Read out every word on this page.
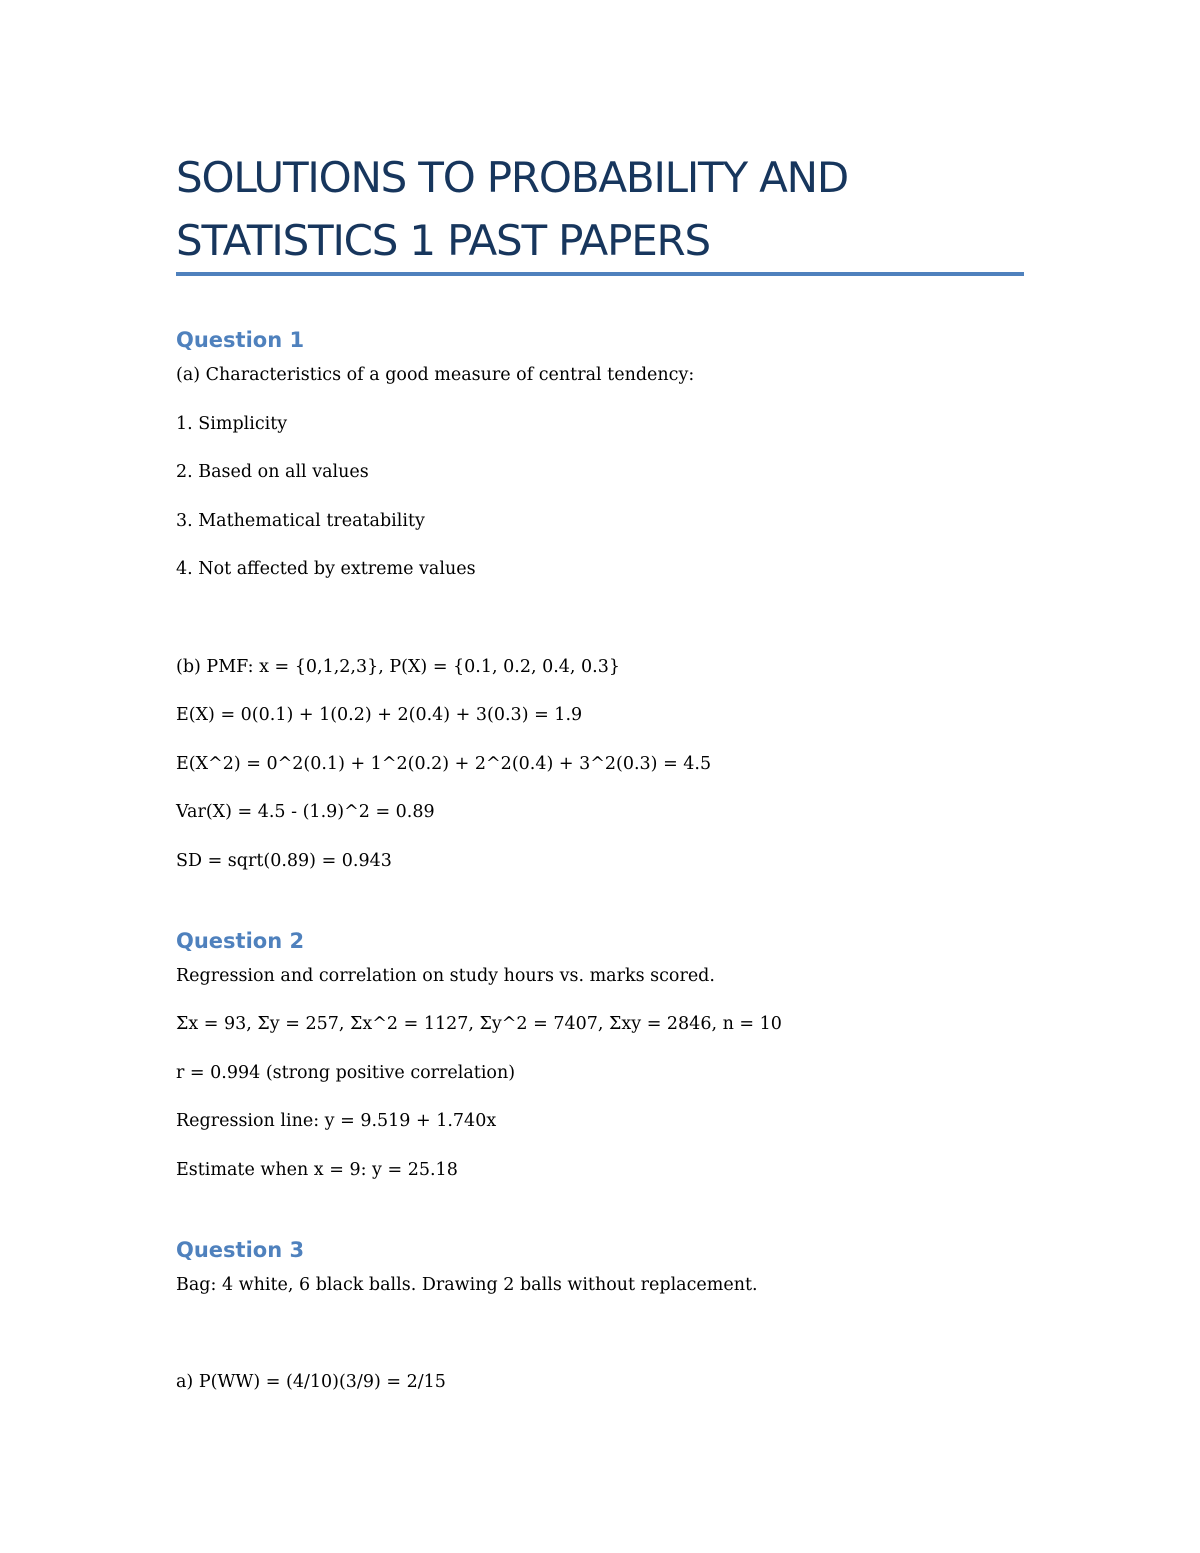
SOLUTIONS TO PROBABILITY AND
STATISTICS 1 PAST PAPERS
Question 1

(a) Characteristics of a good measure of central tendency:

1. Simplicity

2. Based on all values

3. Mathematical treatability

4. Not affected by extreme values

(b) PMF: x = {0,1,2,3}, P(X) = {0.1, 0.2, 0.4, 0.3}

E(X) = 0(0.1) + 1(0.2) + 2(0.4) + 3(0.3) = 1.9

E(X^2) = 0^2(0.1) + 1^2(0.2) + 2^2(0.4) + 3^2(0.3) = 4.5

Var(X) = 4.5 - (1.9)^2 = 0.89

SD = sqrt(0.89) = 0.943

Question 2

Regression and correlation on study hours vs. marks scored.

Σx = 93, Σy = 257, Σx^2 = 1127, Σy^2 = 7407, Σxy = 2846, n = 10

r = 0.994 (strong positive correlation)

Regression line: y = 9.519 + 1.740x

Estimate when x = 9: y = 25.18

Question 3

Bag: 4 white, 6 black balls. Drawing 2 balls without replacement.

a) P(WW) = (4/10)(3/9) = 2/15
